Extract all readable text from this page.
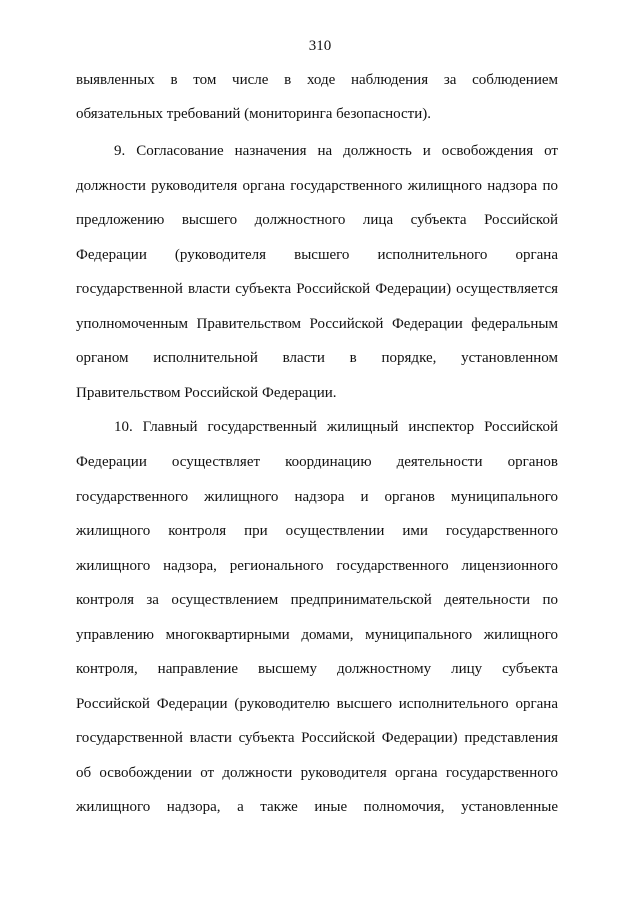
310
выявленных в том числе в ходе наблюдения за соблюдением
обязательных требований (мониторинга безопасности).
9. Согласование назначения на должность и освобождения от
должности руководителя органа государственного жилищного надзора по
предложению высшего должностного лица субъекта Российской
Федерации (руководителя высшего исполнительного органа
государственной власти субъекта Российской Федерации) осуществляется
уполномоченным Правительством Российской Федерации федеральным
органом исполнительной власти в порядке, установленном
Правительством Российской Федерации.
10. Главный государственный жилищный инспектор Российской
Федерации осуществляет координацию деятельности органов
государственного жилищного надзора и органов муниципального
жилищного контроля при осуществлении ими государственного
жилищного надзора, регионального государственного лицензионного
контроля за осуществлением предпринимательской деятельности по
управлению многоквартирными домами, муниципального жилищного
контроля, направление высшему должностному лицу субъекта
Российской Федерации (руководителю высшего исполнительного органа
государственной власти субъекта Российской Федерации) представления
об освобождении от должности руководителя органа государственного
жилищного надзора, а также иные полномочия, установленные
